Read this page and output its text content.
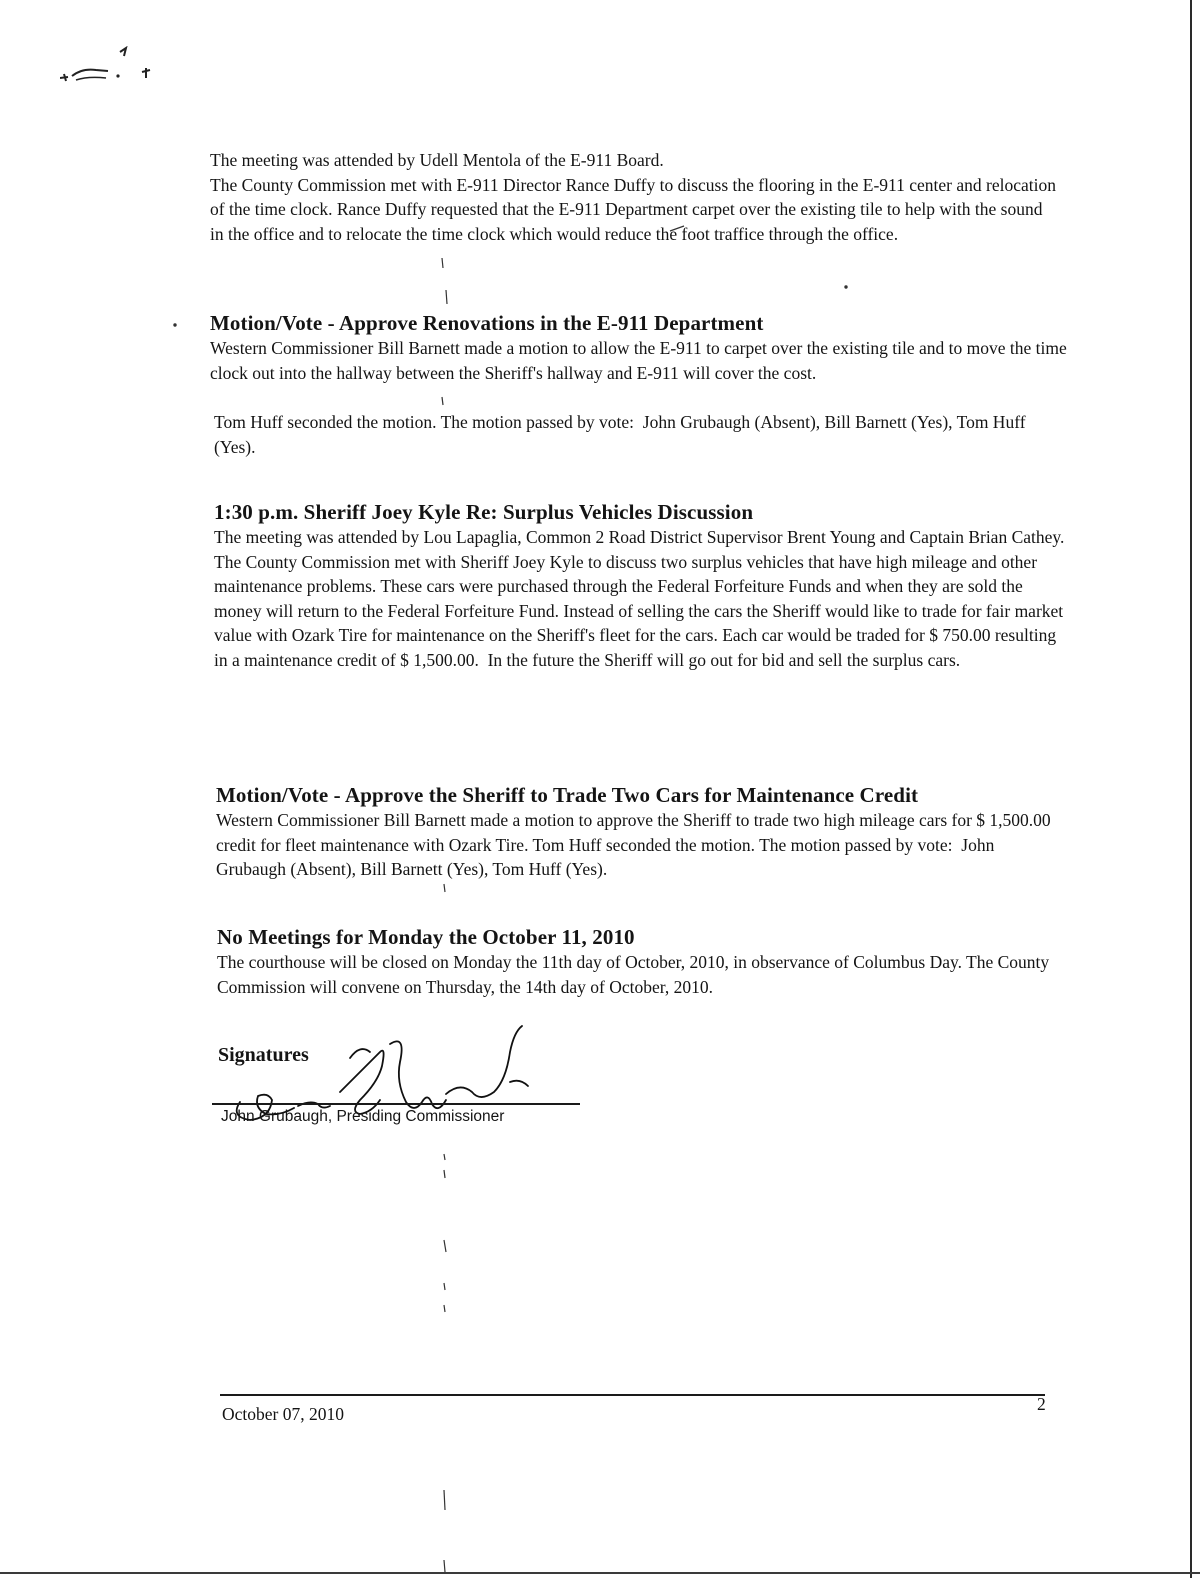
The meeting was attended by Udell Mentola of the E-911 Board.

The County Commission met with E-911 Director Rance Duffy to discuss the flooring in the E-911 center and relocation of the time clock. Rance Duffy requested that the E-911 Department carpet over the existing tile to help with the sound in the office and to relocate the time clock which would reduce the foot traffice through the office.

Motion/Vote - Approve Renovations in the E-911 Department

Western Commissioner Bill Barnett made a motion to allow the E-911 to carpet over the existing tile and to move the time clock out into the hallway between the Sheriff's hallway and E-911 will cover the cost.

Tom Huff seconded the motion. The motion passed by vote:  John Grubaugh (Absent), Bill Barnett (Yes), Tom Huff (Yes).

1:30 p.m. Sheriff Joey Kyle Re: Surplus Vehicles Discussion

The meeting was attended by Lou Lapaglia, Common 2 Road District Supervisor Brent Young and Captain Brian Cathey.

The County Commission met with Sheriff Joey Kyle to discuss two surplus vehicles that have high mileage and other maintenance problems. These cars were purchased through the Federal Forfeiture Funds and when they are sold the money will return to the Federal Forfeiture Fund. Instead of selling the cars the Sheriff would like to trade for fair market value with Ozark Tire for maintenance on the Sheriff's fleet for the cars. Each car would be traded for $ 750.00 resulting in a maintenance credit of $ 1,500.00.  In the future the Sheriff will go out for bid and sell the surplus cars.

Motion/Vote - Approve the Sheriff to Trade Two Cars for Maintenance Credit

Western Commissioner Bill Barnett made a motion to approve the Sheriff to trade two high mileage cars for $ 1,500.00 credit for fleet maintenance with Ozark Tire. Tom Huff seconded the motion. The motion passed by vote:  John Grubaugh (Absent), Bill Barnett (Yes), Tom Huff (Yes).

No Meetings for Monday the October 11, 2010

The courthouse will be closed on Monday the 11th day of October, 2010, in observance of Columbus Day. The County Commission will convene on Thursday, the 14th day of October, 2010.

Signatures
John Grubaugh, Presiding Commissioner
October 07, 2010	2
